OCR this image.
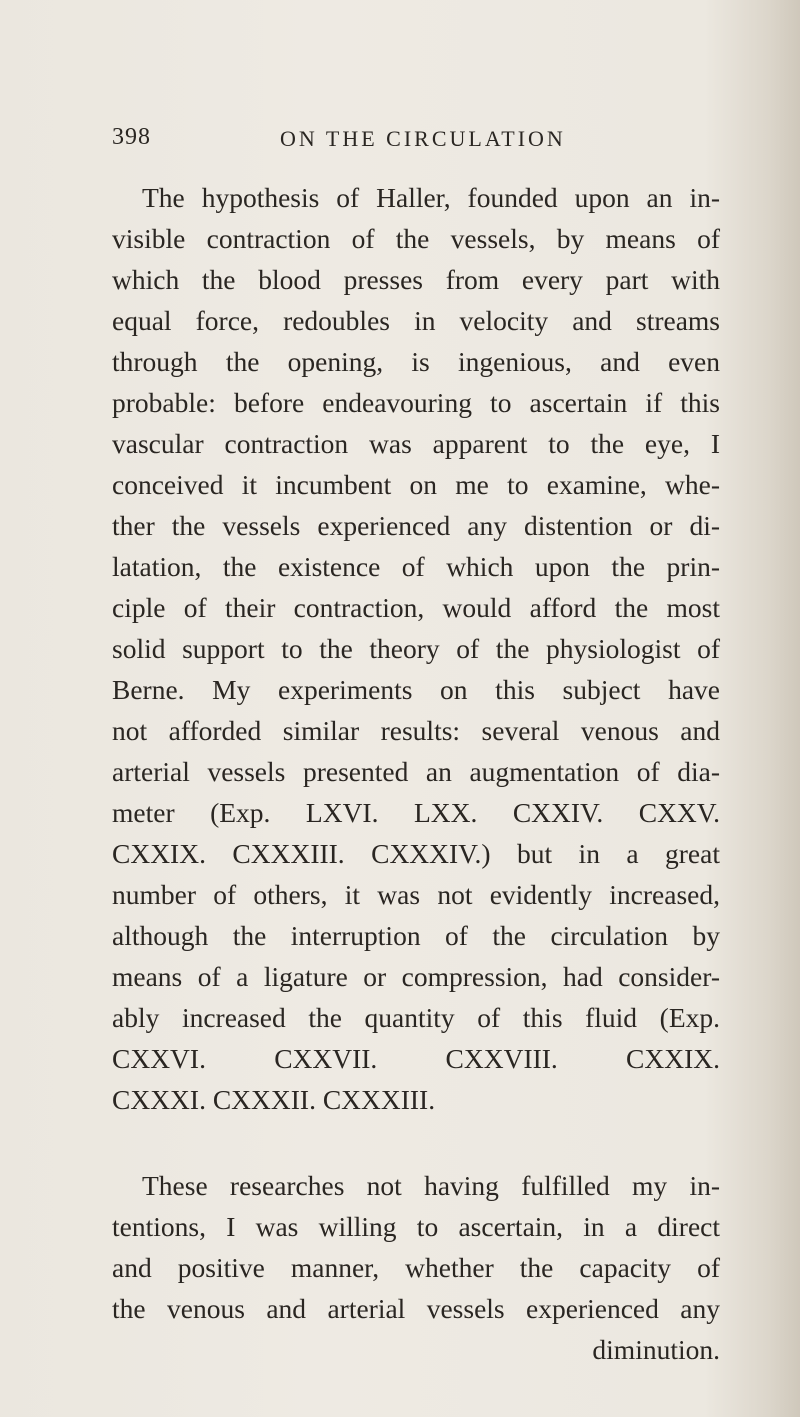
398	ON THE CIRCULATION
The hypothesis of Haller, founded upon an in-
visible contraction of the vessels, by means of
which the blood presses from every part with
equal force, redoubles in velocity and streams
through the opening, is ingenious, and even
probable: before endeavouring to ascertain if this
vascular contraction was apparent to the eye, I
conceived it incumbent on me to examine, whe-
ther the vessels experienced any distention or di-
latation, the existence of which upon the prin-
ciple of their contraction, would afford the most
solid support to the theory of the physiologist of
Berne. My experiments on this subject have
not afforded similar results: several venous and
arterial vessels presented an augmentation of dia-
meter (Exp. LXVI. LXX. CXXIV. CXXV.
CXXIX. CXXXIII. CXXXIV.) but in a great
number of others, it was not evidently increased,
although the interruption of the circulation by
means of a ligature or compression, had consider-
ably increased the quantity of this fluid (Exp.
CXXVI. CXXVII. CXXVIII. CXXIX.
CXXXI. CXXXII. CXXXIII.
These researches not having fulfilled my in-
tentions, I was willing to ascertain, in a direct
and positive manner, whether the capacity of
the venous and arterial vessels experienced any
diminution.
